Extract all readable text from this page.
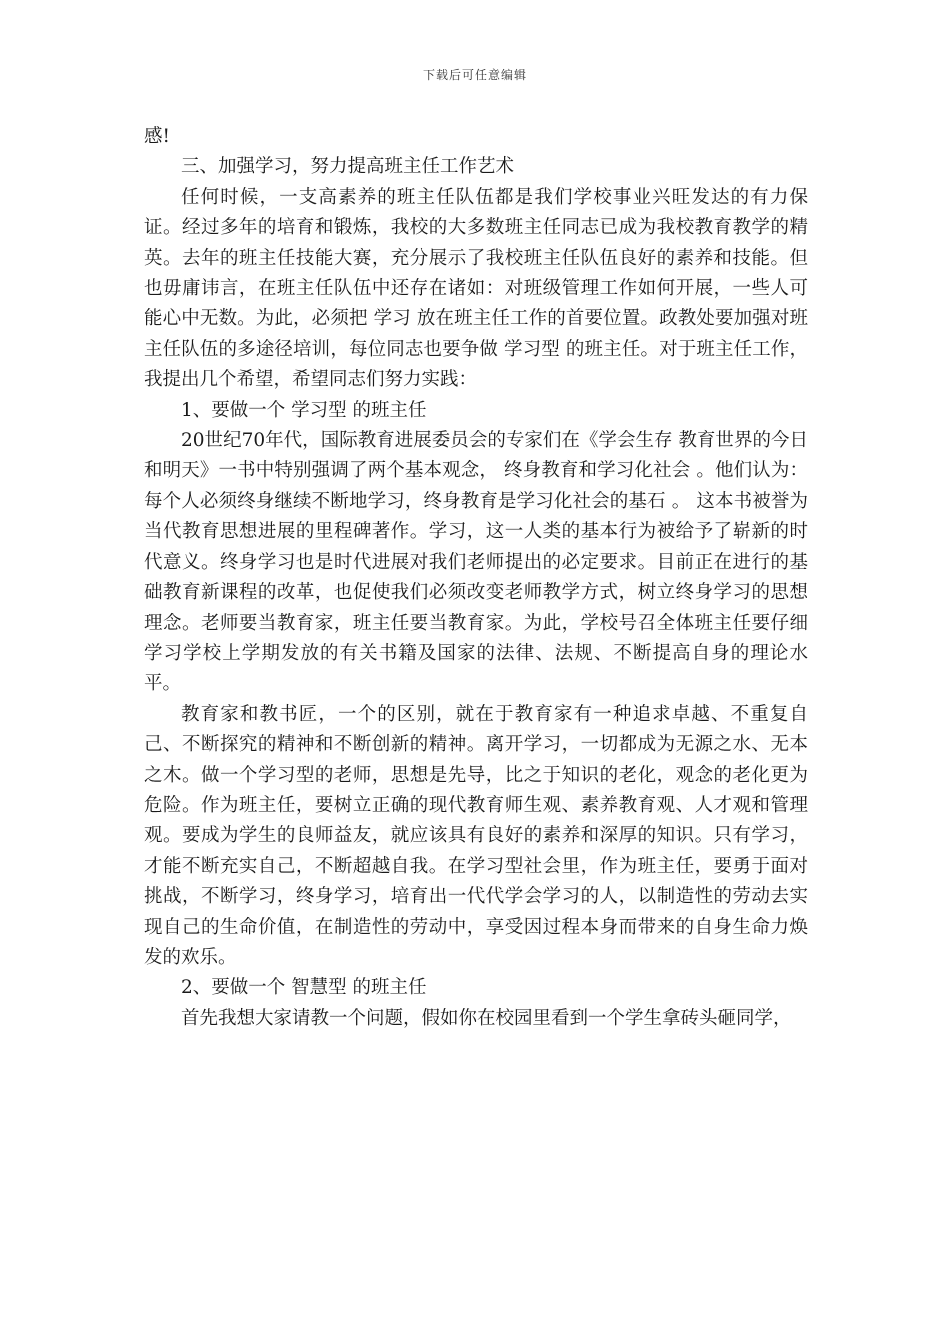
下载后可任意编辑

感!

三、加强学习，努力提高班主任工作艺术

任何时候，一支高素养的班主任队伍都是我们学校事业兴旺发达的有力保证。经过多年的培育和锻炼，我校的大多数班主任同志已成为我校教育教学的精英。去年的班主任技能大赛，充分展示了我校班主任队伍良好的素养和技能。但也毋庸讳言，在班主任队伍中还存在诸如：对班级管理工作如何开展，一些人可能心中无数。为此，必须把 学习 放在班主任工作的首要位置。政教处要加强对班主任队伍的多途径培训，每位同志也要争做 学习型 的班主任。对于班主任工作，我提出几个希望，希望同志们努力实践：

1、要做一个 学习型 的班主任

20世纪70年代，国际教育进展委员会的专家们在《学会生存 教育世界的今日和明天》一书中特别强调了两个基本观念， 终身教育和学习化社会 。他们认为： 每个人必须终身继续不断地学习，终身教育是学习化社会的基石 。 这本书被誉为当代教育思想进展的里程碑著作。学习，这一人类的基本行为被给予了崭新的时代意义。终身学习也是时代进展对我们老师提出的必定要求。目前正在进行的基础教育新课程的改革，也促使我们必须改变老师教学方式，树立终身学习的思想理念。老师要当教育家，班主任要当教育家。为此，学校号召全体班主任要仔细学习学校上学期发放的有关书籍及国家的法律、法规、不断提高自身的理论水平。

教育家和教书匠，一个的区别，就在于教育家有一种追求卓越、不重复自己、不断探究的精神和不断创新的精神。离开学习，一切都成为无源之水、无本之木。做一个学习型的老师，思想是先导，比之于知识的老化，观念的老化更为危险。作为班主任，要树立正确的现代教育师生观、素养教育观、人才观和管理观。要成为学生的良师益友，就应该具有良好的素养和深厚的知识。只有学习，才能不断充实自己，不断超越自我。在学习型社会里，作为班主任，要勇于面对挑战，不断学习，终身学习，培育出一代代学会学习的人，以制造性的劳动去实现自己的生命价值，在制造性的劳动中，享受因过程本身而带来的自身生命力焕发的欢乐。

2、要做一个 智慧型 的班主任

首先我想大家请教一个问题，假如你在校园里看到一个学生拿砖头砸同学，
